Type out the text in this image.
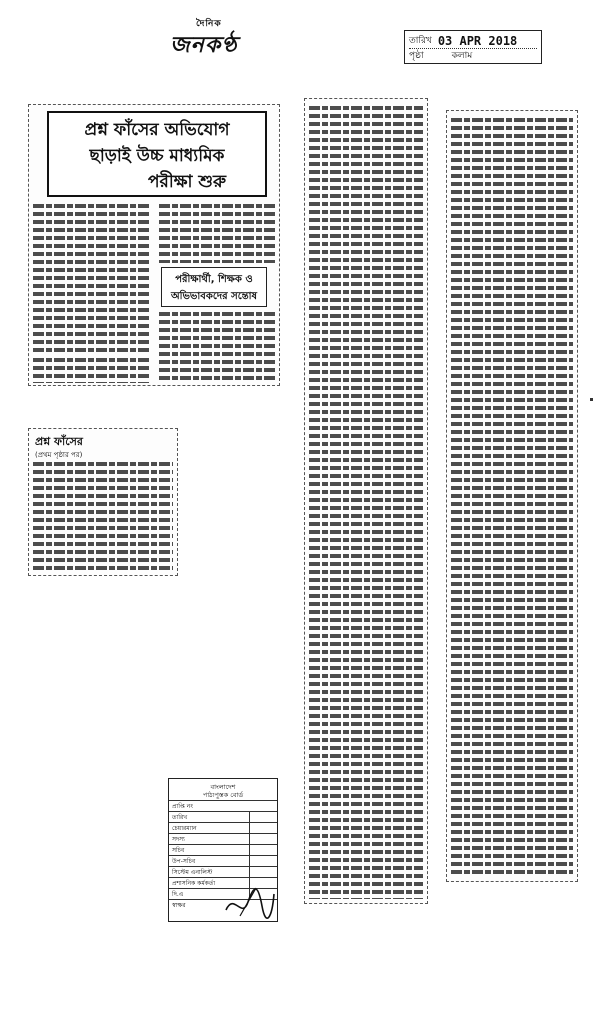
দৈনিক
জনকণ্ঠ	তারিখ 03 APR 2018
পৃষ্ঠা	কলাম
প্রশ্ন ফাঁসের অভিযোগ
ছাড়াই উচ্চ মাধ্যমিক
পরীক্ষা শুরু
পরীক্ষার্থী, শিক্ষক ও অভিভাবকদের সন্তোষ
প্রশ্ন ফাঁসের
(প্রথম পৃষ্ঠার পর)
বাংলাদেশ
পাঠ্যপুস্তক বোর্ড
প্রাপ্তি নং
তারিখ
চেয়ারম্যান
সদস্য
সচিব
উপ-সচিব
সিস্টেম এনালিস্ট
প্রশাসনিক কর্মকর্তা
দি.এ
স্বাক্ষর
